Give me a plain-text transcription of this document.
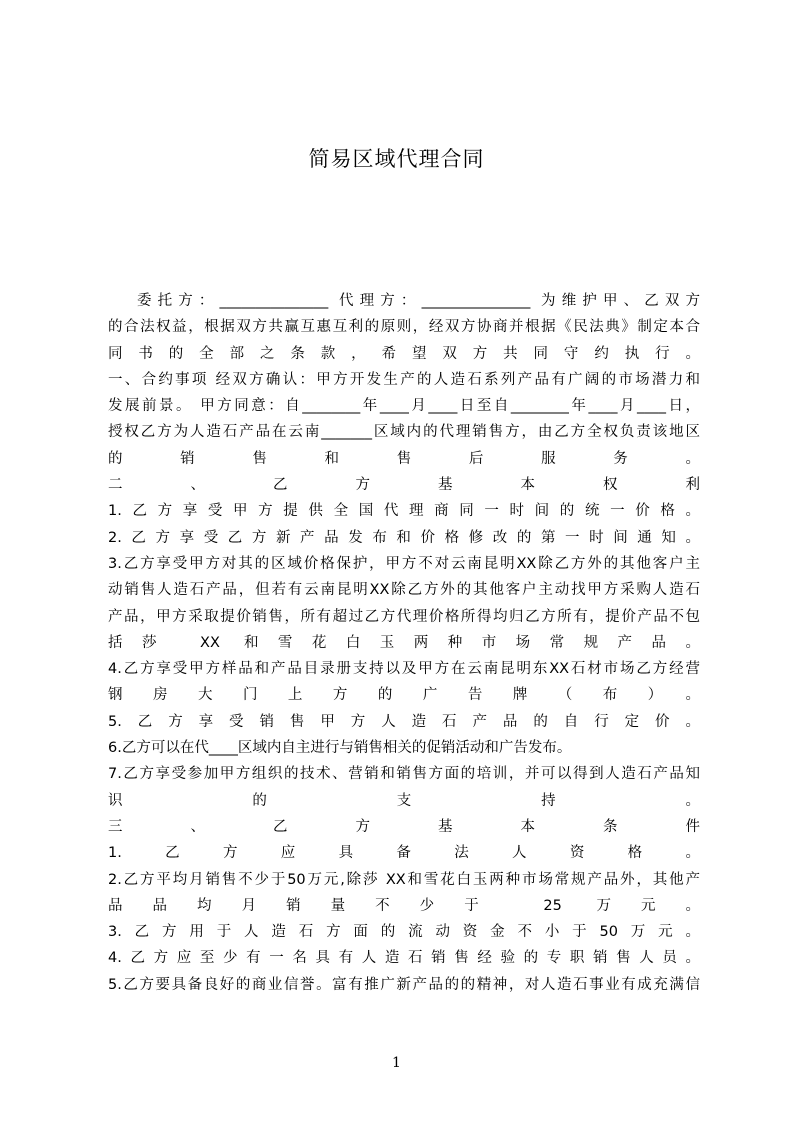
简易区域代理合同
委托方：_______________ 代理方：_______________ 为维护甲、乙双方
的合法权益，根据双方共赢互惠互利的原则，经双方协商并根据《民法典》制定本合
同书的全部之条款，希望双方共同守约执行。
一、合约事项 经双方确认：甲方开发生产的人造石系列产品有广阔的市场潜力和
发展前景。 甲方同意：自________年____月____日至自________年____月____日，
授权乙方为人造石产品在云南_______区域内的代理销售方，由乙方全权负责该地区
的销售和售后服务。
二、乙方基本权利
1.乙方享受甲方提供全国代理商同一时间的统一价格。
2.乙方享受乙方新产品发布和价格修改的第一时间通知。
3.乙方享受甲方对其的区域价格保护，甲方不对云南昆明XX除乙方外的其他客户主
动销售人造石产品，但若有云南昆明XX除乙方外的其他客户主动找甲方采购人造石
产品，甲方采取提价销售，所有超过乙方代理价格所得均归乙方所有，提价产品不包
括莎 XX 和雪花白玉两种市场常规产品。
4.乙方享受甲方样品和产品目录册支持以及甲方在云南昆明东XX石材市场乙方经营
钢房大门上方的广告牌（布）。
5.乙方享受销售甲方人造石产品的自行定价。
6.乙方可以在代____区域内自主进行与销售相关的促销活动和广告发布。
7.乙方享受参加甲方组织的技术、营销和销售方面的培训，并可以得到人造石产品知
识的支持。
三、乙方基本条件
1.乙方应具备法人资格。
2.乙方平均月销售不少于50万元,除莎 XX和雪花白玉两种市场常规产品外，其他产
品品均月销量不少于 25 万元。
3.乙方用于人造石方面的流动资金不小于50万元。
4.乙方应至少有一名具有人造石销售经验的专职销售人员。
5.乙方要具备良好的商业信誉。富有推广新产品的的精神，对人造石事业有成充满信
1
